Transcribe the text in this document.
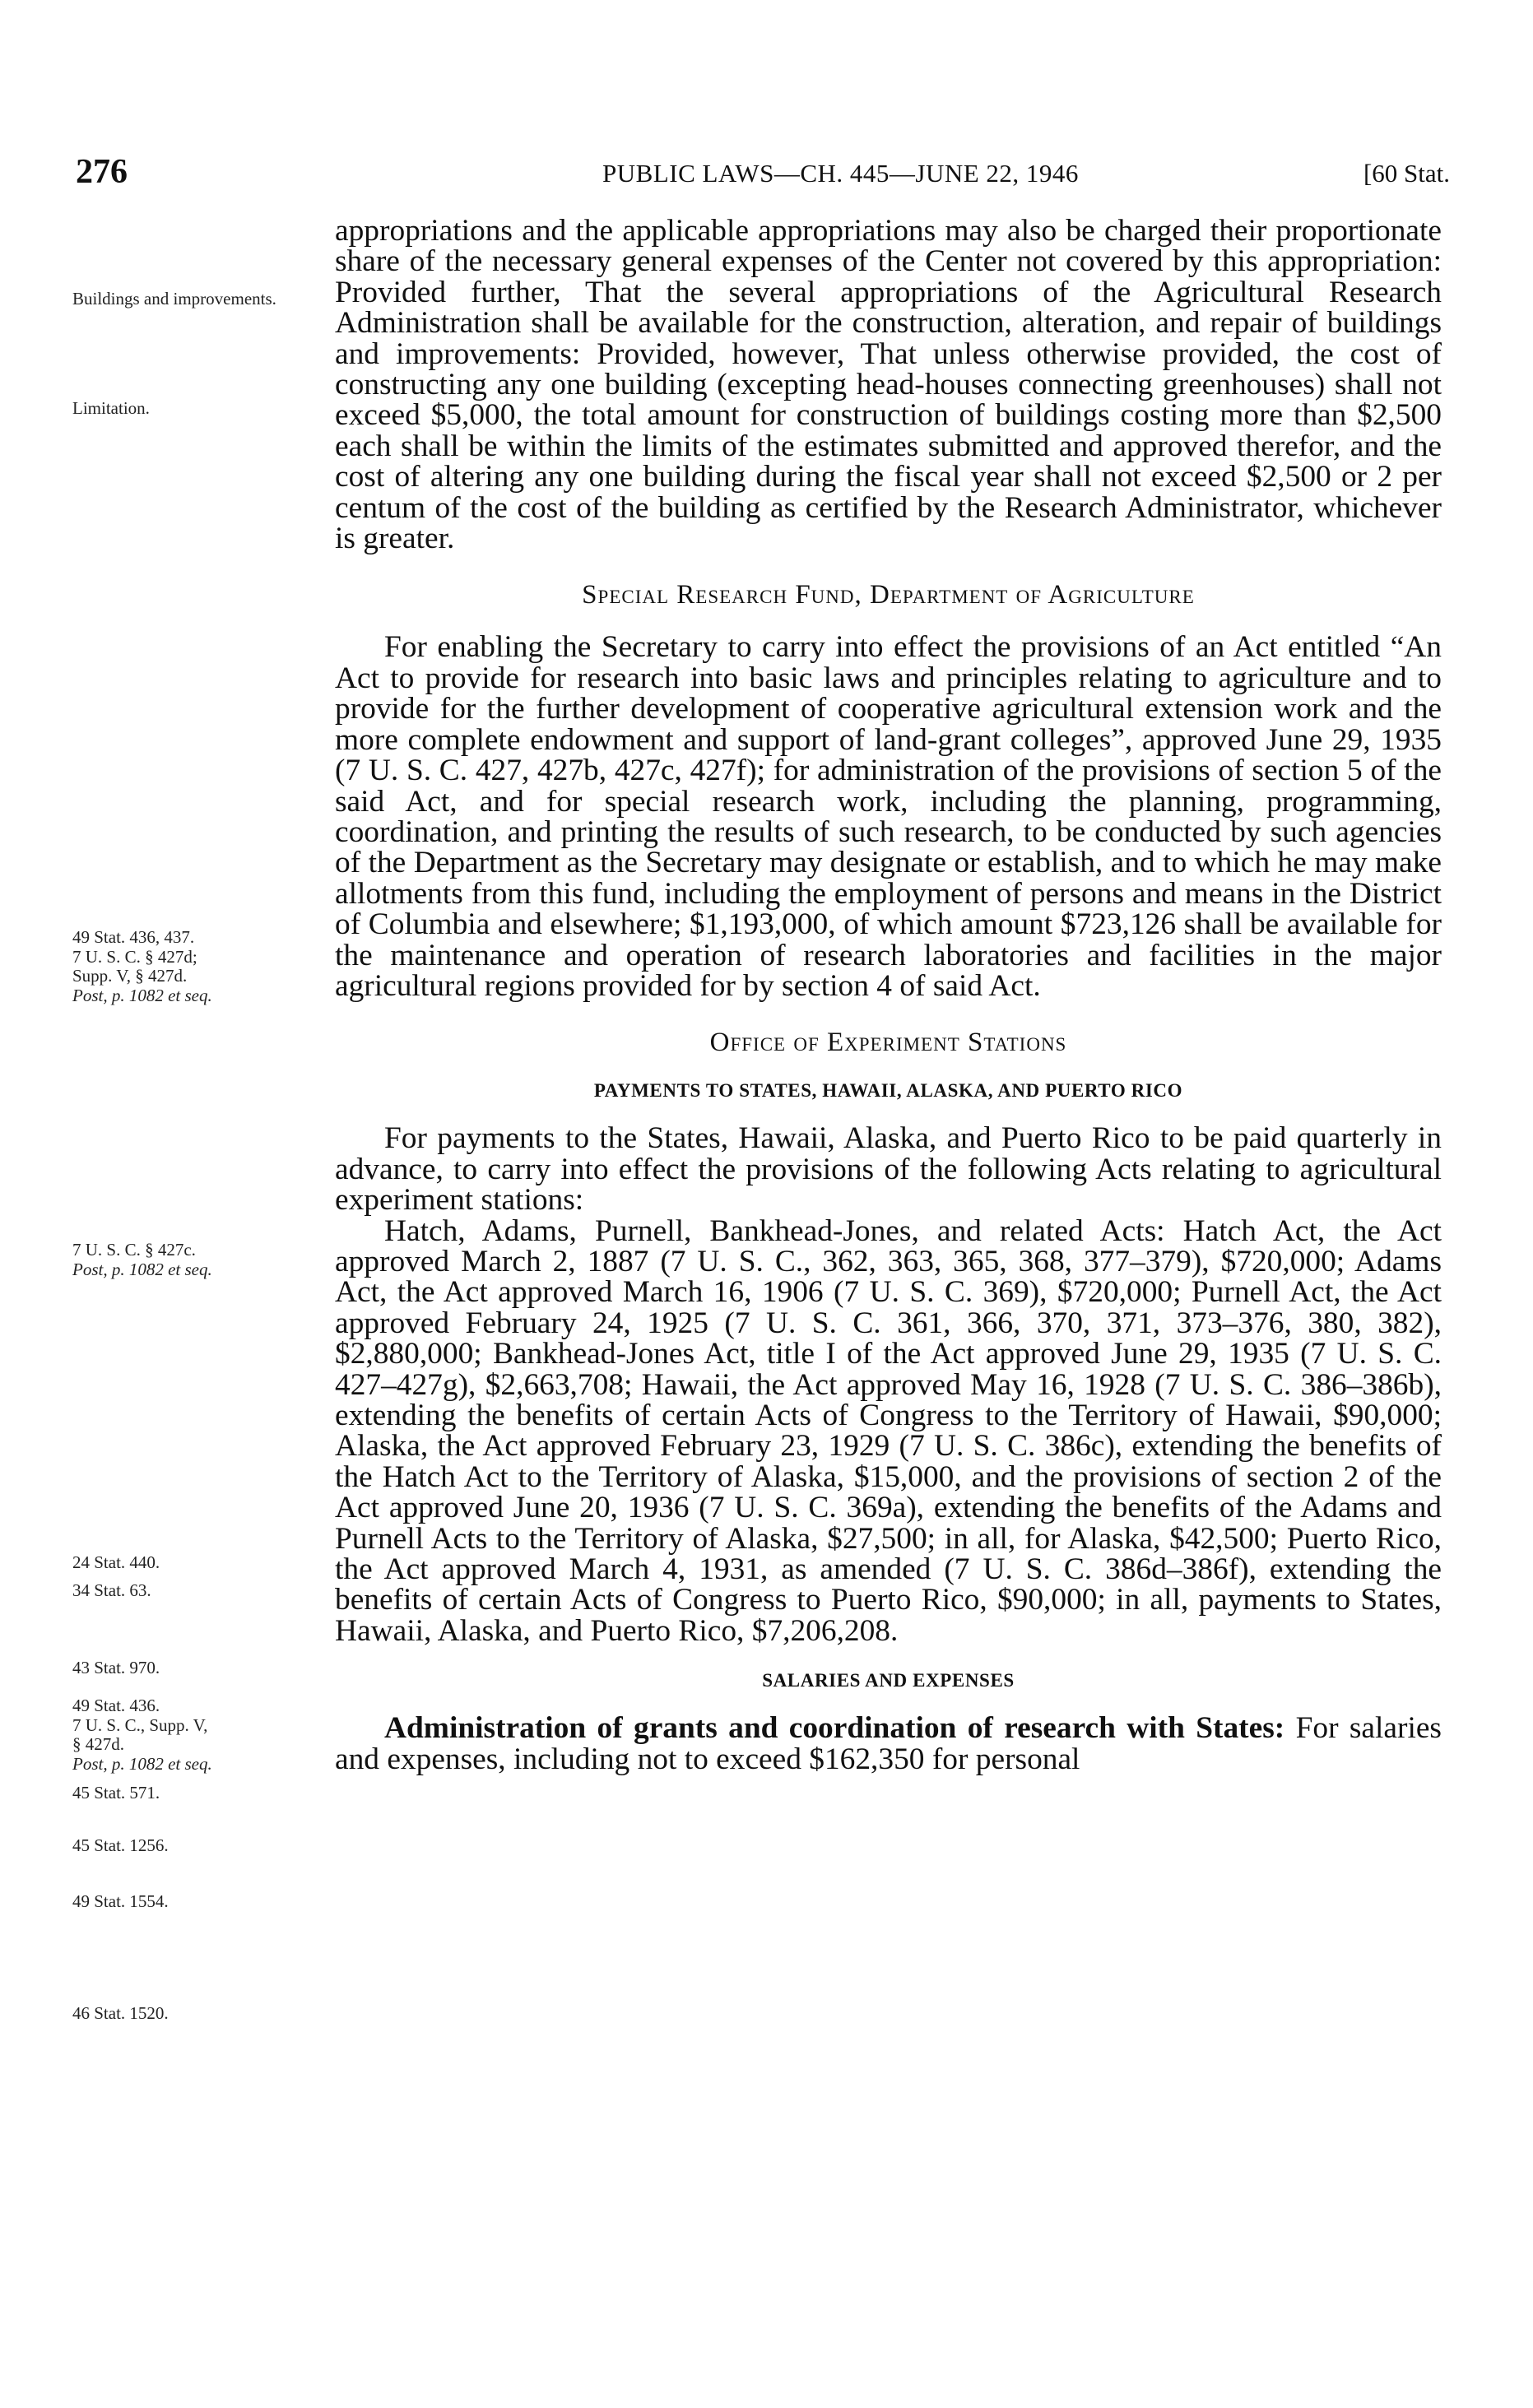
276	PUBLIC LAWS—CH. 445—JUNE 22, 1946	[60 Stat.
Buildings and improvements.
Limitation.
49 Stat. 436, 437.
7 U. S. C. § 427d;
Supp. V, § 427d.
Post, p. 1082 et seq.
7 U. S. C. § 427c.
Post, p. 1082 et seq.
24 Stat. 440.
34 Stat. 63.
43 Stat. 970.
49 Stat. 436.
7 U. S. C., Supp. V,
§ 427d.
Post, p. 1082 et seq.
45 Stat. 571.
45 Stat. 1256.
49 Stat. 1554.
46 Stat. 1520.

appropriations and the applicable appropriations may also be charged their proportionate share of the necessary general expenses of the Center not covered by this appropriation: Provided further, That the several appropriations of the Agricultural Research Administration shall be available for the construction, alteration, and repair of buildings and improvements: Provided, however, That unless otherwise provided, the cost of constructing any one building (excepting head-houses connecting greenhouses) shall not exceed $5,000, the total amount for construction of buildings costing more than $2,500 each shall be within the limits of the estimates submitted and approved therefor, and the cost of altering any one building during the fiscal year shall not exceed $2,500 or 2 per centum of the cost of the building as certified by the Research Administrator, whichever is greater.

Special Research Fund, Department of Agriculture

For enabling the Secretary to carry into effect the provisions of an Act entitled “An Act to provide for research into basic laws and principles relating to agriculture and to provide for the further development of cooperative agricultural extension work and the more complete endowment and support of land-grant colleges”, approved June 29, 1935 (7 U. S. C. 427, 427b, 427c, 427f); for administration of the provisions of section 5 of the said Act, and for special research work, including the planning, programming, coordination, and printing the results of such research, to be conducted by such agencies of the Department as the Secretary may designate or establish, and to which he may make allotments from this fund, including the employment of persons and means in the District of Columbia and elsewhere; $1,193,000, of which amount $723,126 shall be available for the maintenance and operation of research laboratories and facilities in the major agricultural regions provided for by section 4 of said Act.

Office of Experiment Stations
PAYMENTS TO STATES, HAWAII, ALASKA, AND PUERTO RICO

For payments to the States, Hawaii, Alaska, and Puerto Rico to be paid quarterly in advance, to carry into effect the provisions of the following Acts relating to agricultural experiment stations:

Hatch, Adams, Purnell, Bankhead-Jones, and related Acts: Hatch Act, the Act approved March 2, 1887 (7 U. S. C., 362, 363, 365, 368, 377–379), $720,000; Adams Act, the Act approved March 16, 1906 (7 U. S. C. 369), $720,000; Purnell Act, the Act approved February 24, 1925 (7 U. S. C. 361, 366, 370, 371, 373–376, 380, 382), $2,880,000; Bankhead-Jones Act, title I of the Act approved June 29, 1935 (7 U. S. C. 427–427g), $2,663,708; Hawaii, the Act approved May 16, 1928 (7 U. S. C. 386–386b), extending the benefits of certain Acts of Congress to the Territory of Hawaii, $90,000; Alaska, the Act approved February 23, 1929 (7 U. S. C. 386c), extending the benefits of the Hatch Act to the Territory of Alaska, $15,000, and the provisions of section 2 of the Act approved June 20, 1936 (7 U. S. C. 369a), extending the benefits of the Adams and Purnell Acts to the Territory of Alaska, $27,500; in all, for Alaska, $42,500; Puerto Rico, the Act approved March 4, 1931, as amended (7 U. S. C. 386d–386f), extending the benefits of certain Acts of Congress to Puerto Rico, $90,000; in all, payments to States, Hawaii, Alaska, and Puerto Rico, $7,206,208.

SALARIES AND EXPENSES

Administration of grants and coordination of research with States: For salaries and expenses, including not to exceed $162,350 for personal
